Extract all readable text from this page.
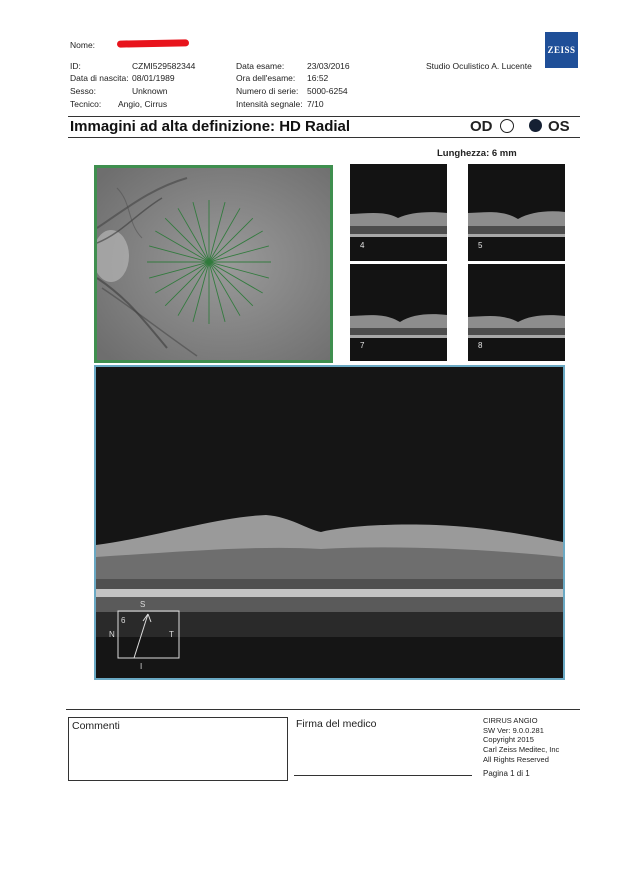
Nome:
ID:	CZMI529582344
Data di nascita: 08/01/1989
Sesso:	Unknown
Tecnico: Angio, Cirrus
Data esame:	23/03/2016
Ora dell'esame: 16:52
Numero di serie: 5000-6254
Intensità segnale: 7/10
Studio Oculistico A. Lucente
ZEISS
Immagini ad alta definizione: HD Radial	OD	OS
Lunghezza: 6 mm
4	5
7	8
S
I
N	T
6
Commenti	Firma del medico	CIRRUS ANGIO
SW Ver: 9.0.0.281
Copyright 2015
Carl Zeiss Meditec, Inc
All Rights Reserved
Pagina 1 di 1
